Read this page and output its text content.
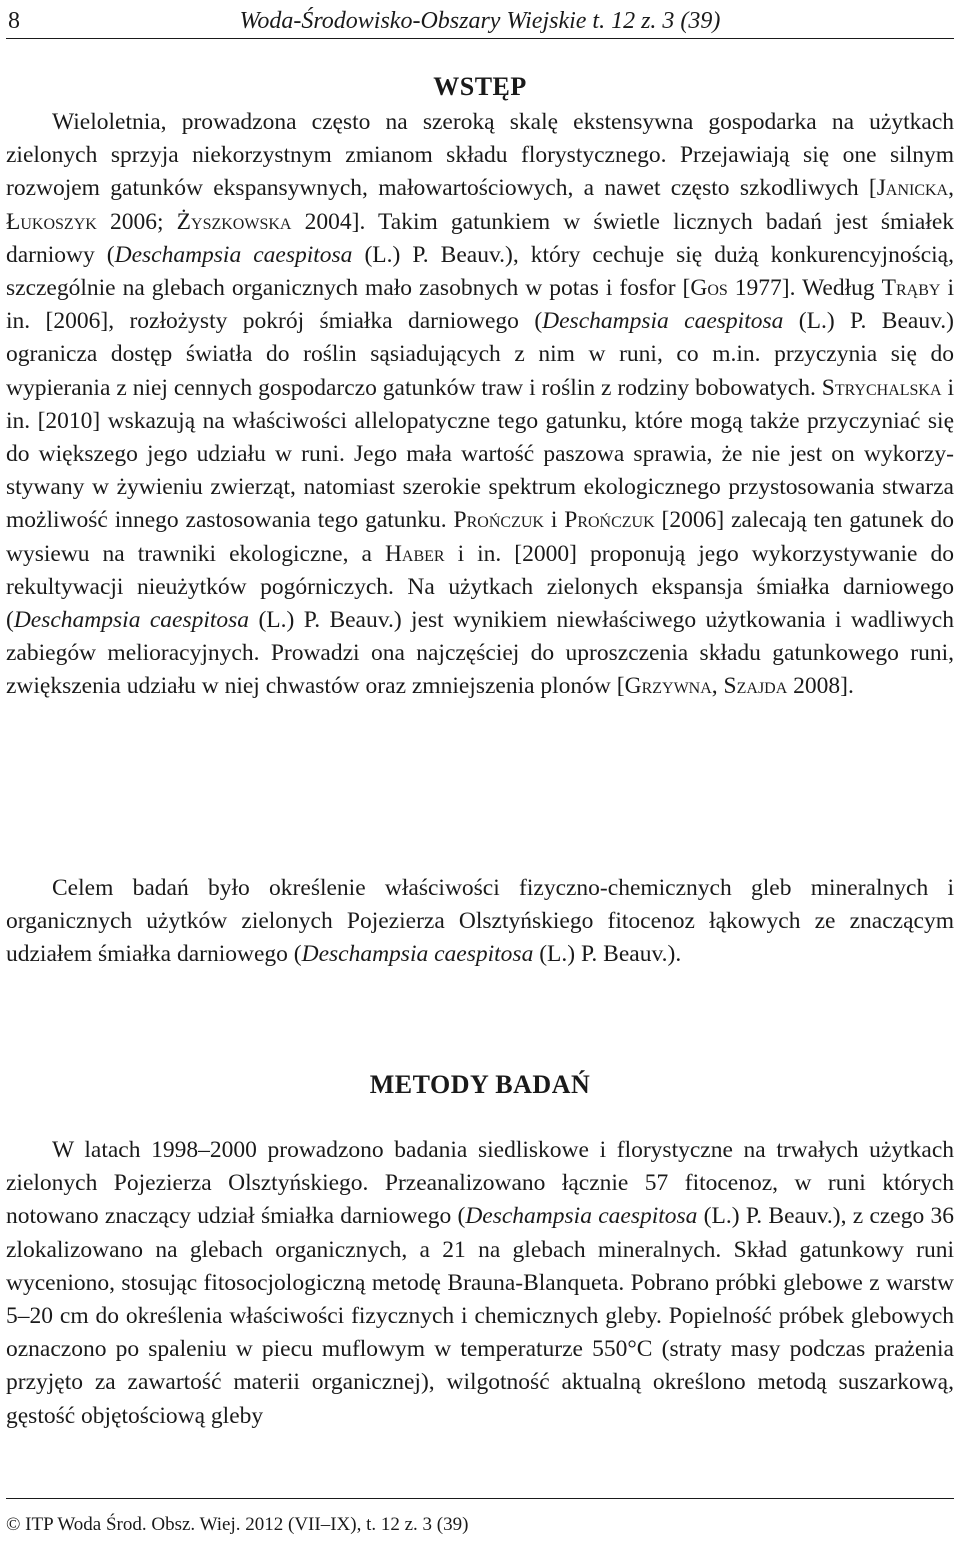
8	Woda-Środowisko-Obszary Wiejskie t. 12 z. 3 (39)
WSTĘP

Wieloletnia, prowadzona często na szeroką skalę ekstensywna gospodarka na użytkach zielonych sprzyja niekorzystnym zmianom składu florystycznego. Przejawiają się one silnym rozwojem gatunków ekspansywnych, małowartościowych, a nawet często szkodliwych [Janicka, Łukoszyk 2006; Żyszkowska 2004]. Takim gatunkiem w świetle licznych badań jest śmiałek darniowy (Deschampsia caespitosa (L.) P. Beauv.), który cechuje się dużą konkurencyjnością, szczególnie na glebach organicznych mało zasobnych w potas i fosfor [Gos 1977]. Według Trąby i in. [2006], rozłożysty pokrój śmiałka darniowego (Deschampsia caespitosa (L.) P. Beauv.) ogranicza dostęp światła do roślin sąsiadujących z nim w runi, co m.in. przyczynia się do wypierania z niej cennych gospodarczo gatunków traw i roślin z rodziny bobowatych. Strychalska i in. [2010] wskazują na właściwości allelopatyczne tego gatunku, które mogą także przyczyniać się do większego jego udziału w runi. Jego mała wartość paszowa sprawia, że nie jest on wykorzystywany w żywieniu zwierząt, natomiast szerokie spektrum ekologicznego przystosowania stwarza możliwość innego zastosowania tego gatunku. Prończuk i Prończuk [2006] zalecają ten gatunek do wysiewu na trawniki ekologiczne, a Haber i in. [2000] proponują jego wykorzystywanie do rekultywacji nieużytków pogórniczych. Na użytkach zielonych ekspansja śmiałka darniowego (Deschampsia caespitosa (L.) P. Beauv.) jest wynikiem niewłaściwego użytkowania i wadliwych zabiegów melioracyjnych. Prowadzi ona najczęściej do uproszczenia składu gatunkowego runi, zwiększenia udziału w niej chwastów oraz zmniejszenia plonów [Grzywna, Szajda 2008].

Celem badań było określenie właściwości fizyczno-chemicznych gleb mineralnych i organicznych użytków zielonych Pojezierza Olsztyńskiego fitocenoz łąkowych ze znaczącym udziałem śmiałka darniowego (Deschampsia caespitosa (L.) P. Beauv.).

METODY BADAŃ

W latach 1998–2000 prowadzono badania siedliskowe i florystyczne na trwałych użytkach zielonych Pojezierza Olsztyńskiego. Przeanalizowano łącznie 57 fitocenoz, w runi których notowano znaczący udział śmiałka darniowego (Deschampsia caespitosa (L.) P. Beauv.), z czego 36 zlokalizowano na glebach organicznych, a 21 na glebach mineralnych. Skład gatunkowy runi wyceniono, stosując fitosocjologiczną metodę Brauna-Blanqueta. Pobrano próbki glebowe z warstw 5–20 cm do określenia właściwości fizycznych i chemicznych gleby. Popielność próbek glebowych oznaczono po spaleniu w piecu muflowym w temperaturze 550°C (straty masy podczas prażenia przyjęto za zawartość materii organicznej), wilgotność aktualną określono metodą suszarkową, gęstość objętościową gleby

© ITP Woda Środ. Obsz. Wiej. 2012 (VII–IX), t. 12 z. 3 (39)
